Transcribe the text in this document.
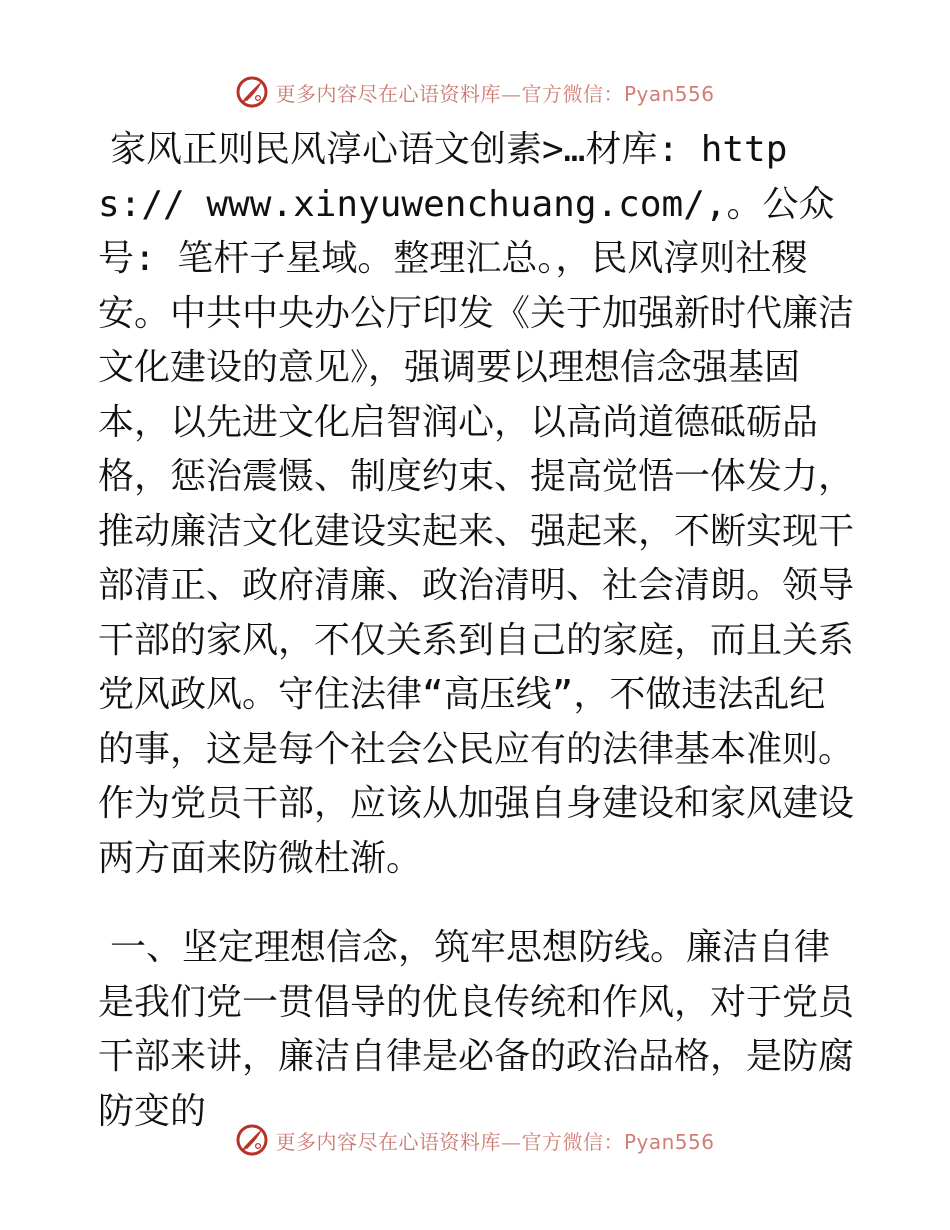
更多内容尽在心语资料库—官方微信：Pyan556

家风正则民风淳心语文创素>…材库: https:// www.xinyuwenchuang.com/,。公众号: 笔杆子星域。整理汇总。，民风淳则社稷安。中共中央办公厅印发《关于加强新时代廉洁文化建设的意见》，强调要以理想信念强基固本，以先进文化启智润心，以高尚道德砥砺品格，惩治震慑、制度约束、提高觉悟一体发力，推动廉洁文化建设实起来、强起来，不断实现干部清正、政府清廉、政治清明、社会清朗。领导干部的家风，不仅关系到自己的家庭，而且关系党风政风。守住法律“高压线”，不做违法乱纪的事，这是每个社会公民应有的法律基本准则。作为党员干部，应该从加强自身建设和家风建设两方面来防微杜渐。

一、坚定理想信念，筑牢思想防线。廉洁自律是我们党一贯倡导的优良传统和作风，对于党员干部来讲，廉洁自律是必备的政治品格，是防腐防变的

更多内容尽在心语资料库—官方微信：Pyan556
